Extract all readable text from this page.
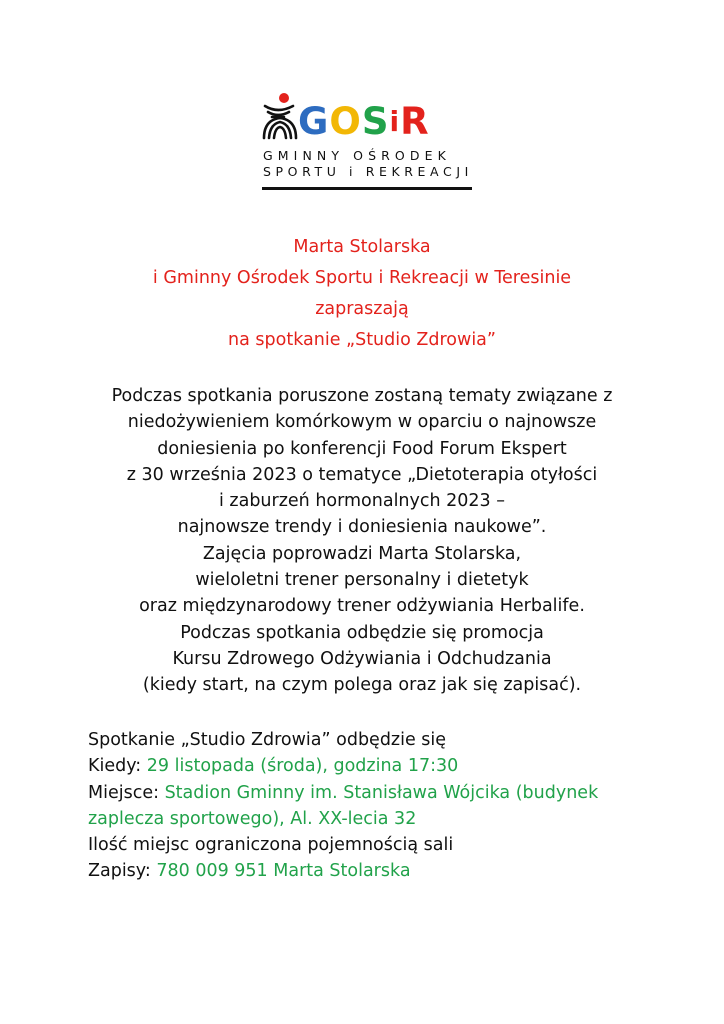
G O S i R
GMINNY OŚRODEK
SPORTU i REKREACJI
Marta Stolarska
i Gminny Ośrodek Sportu i Rekreacji w Teresinie
zapraszają
na spotkanie „Studio Zdrowia”
Podczas spotkania poruszone zostaną tematy związane z
niedożywieniem komórkowym w oparciu o najnowsze
doniesienia po konferencji Food Forum Ekspert
z 30 września 2023 o tematyce „Dietoterapia otyłości
i zaburzeń hormonalnych 2023 –
najnowsze trendy i doniesienia naukowe”.
Zajęcia poprowadzi Marta Stolarska,
wieloletni trener personalny i dietetyk
oraz międzynarodowy trener odżywiania Herbalife.
Podczas spotkania odbędzie się promocja
Kursu Zdrowego Odżywiania i Odchudzania
(kiedy start, na czym polega oraz jak się zapisać).
Spotkanie „Studio Zdrowia” odbędzie się
Kiedy: 29 listopada (środa), godzina 17:30
Miejsce: Stadion Gminny im. Stanisława Wójcika (budynek
zaplecza sportowego), Al. XX-lecia 32
Ilość miejsc ograniczona pojemnością sali
Zapisy: 780 009 951 Marta Stolarska
